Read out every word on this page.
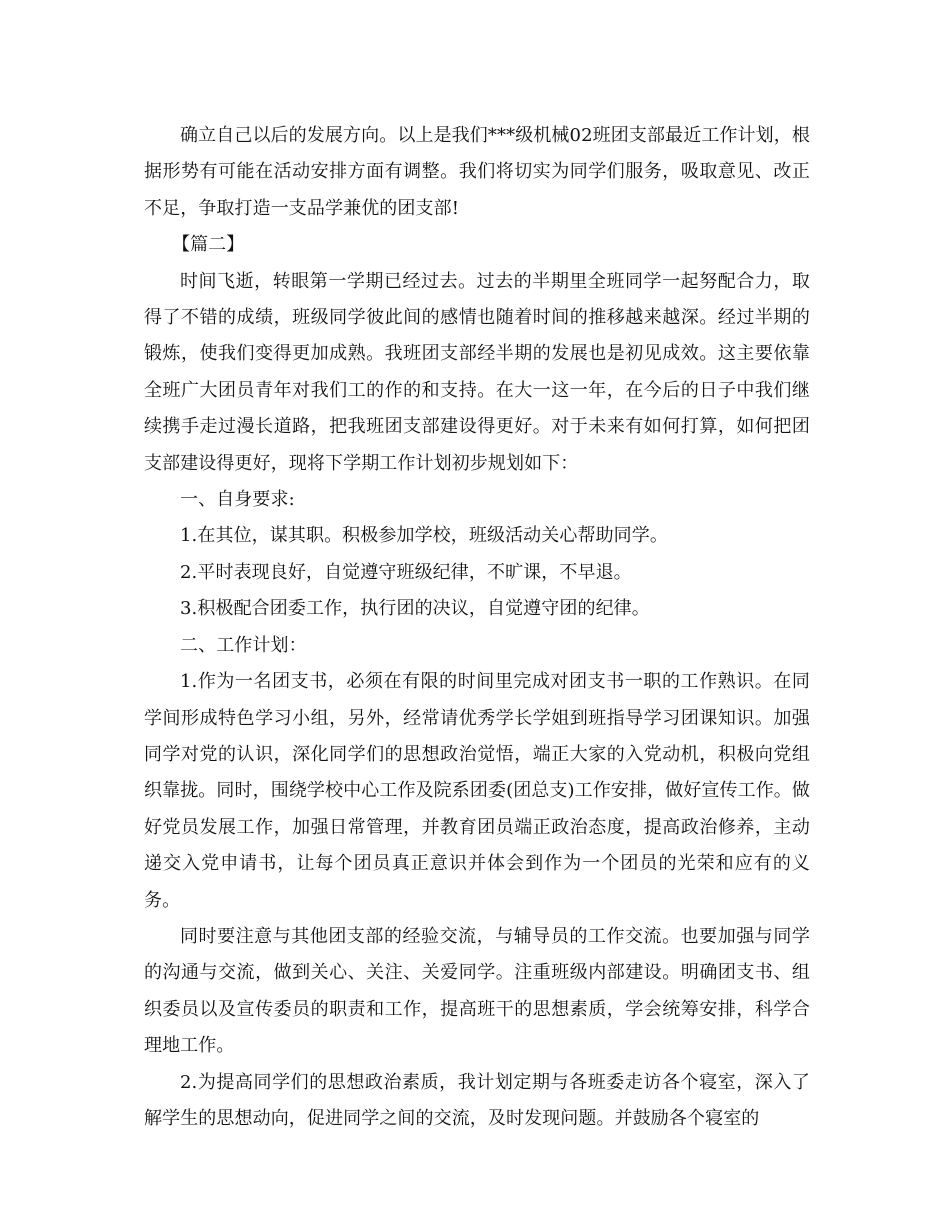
确立自己以后的发展方向。以上是我们***级机械02班团支部最近工作计划，根据形势有可能在活动安排方面有调整。我们将切实为同学们服务，吸取意见、改正不足，争取打造一支品学兼优的团支部!

【篇二】

时间飞逝，转眼第一学期已经过去。过去的半期里全班同学一起努配合力，取得了不错的成绩，班级同学彼此间的感情也随着时间的推移越来越深。经过半期的锻炼，使我们变得更加成熟。我班团支部经半期的发展也是初见成效。这主要依靠全班广大团员青年对我们工的作的和支持。在大一这一年，在今后的日子中我们继续携手走过漫长道路，把我班团支部建设得更好。对于未来有如何打算，如何把团支部建设得更好，现将下学期工作计划初步规划如下：

一、自身要求:

1.在其位，谋其职。积极参加学校，班级活动关心帮助同学。

2.平时表现良好，自觉遵守班级纪律，不旷课，不早退。

3.积极配合团委工作，执行团的决议，自觉遵守团的纪律。

二、工作计划：

1.作为一名团支书，必须在有限的时间里完成对团支书一职的工作熟识。在同学间形成特色学习小组，另外，经常请优秀学长学姐到班指导学习团课知识。加强同学对党的认识，深化同学们的思想政治觉悟，端正大家的入党动机，积极向党组织靠拢。同时，围绕学校中心工作及院系团委(团总支)工作安排，做好宣传工作。做好党员发展工作，加强日常管理，并教育团员端正政治态度，提高政治修养，主动递交入党申请书，让每个团员真正意识并体会到作为一个团员的光荣和应有的义务。

同时要注意与其他团支部的经验交流，与辅导员的工作交流。也要加强与同学的沟通与交流，做到关心、关注、关爱同学。注重班级内部建设。明确团支书、组织委员以及宣传委员的职责和工作，提高班干的思想素质，学会统筹安排，科学合理地工作。

2.为提高同学们的思想政治素质，我计划定期与各班委走访各个寝室，深入了解学生的思想动向，促进同学之间的交流，及时发现问题。并鼓励各个寝室的
